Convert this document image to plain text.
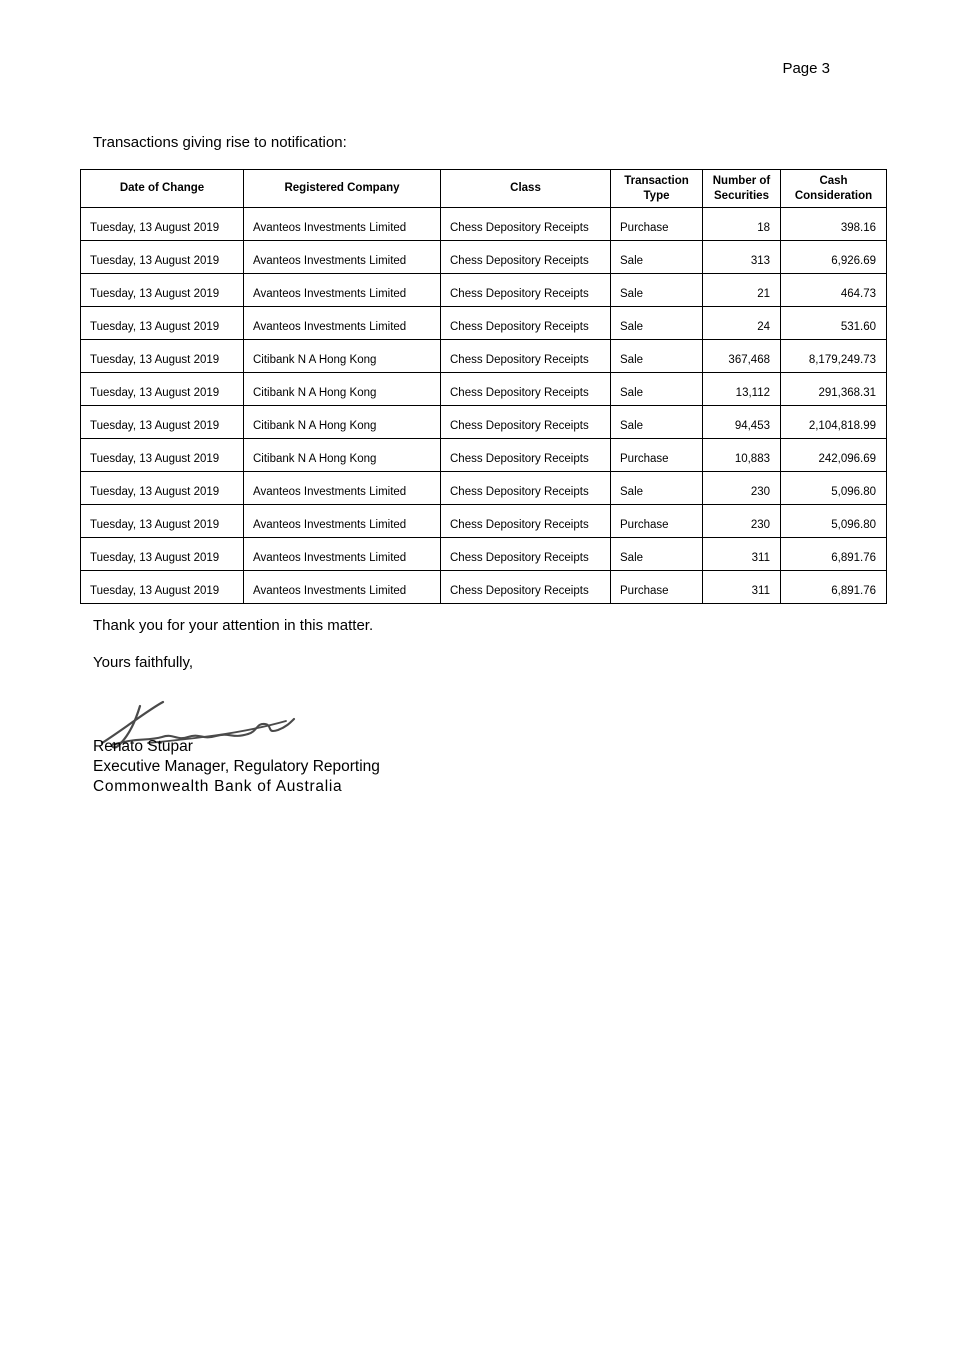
Page 3
Transactions giving rise to notification:
Date of Change	Registered Company	Class	Transaction Type	Number of Securities	Cash Consideration
Tuesday, 13 August 2019	Avanteos Investments Limited	Chess Depository Receipts	Purchase	18	398.16
Tuesday, 13 August 2019	Avanteos Investments Limited	Chess Depository Receipts	Sale	313	6,926.69
Tuesday, 13 August 2019	Avanteos Investments Limited	Chess Depository Receipts	Sale	21	464.73
Tuesday, 13 August 2019	Avanteos Investments Limited	Chess Depository Receipts	Sale	24	531.60
Tuesday, 13 August 2019	Citibank N A Hong Kong	Chess Depository Receipts	Sale	367,468	8,179,249.73
Tuesday, 13 August 2019	Citibank N A Hong Kong	Chess Depository Receipts	Sale	13,112	291,368.31
Tuesday, 13 August 2019	Citibank N A Hong Kong	Chess Depository Receipts	Sale	94,453	2,104,818.99
Tuesday, 13 August 2019	Citibank N A Hong Kong	Chess Depository Receipts	Purchase	10,883	242,096.69
Tuesday, 13 August 2019	Avanteos Investments Limited	Chess Depository Receipts	Sale	230	5,096.80
Tuesday, 13 August 2019	Avanteos Investments Limited	Chess Depository Receipts	Purchase	230	5,096.80
Tuesday, 13 August 2019	Avanteos Investments Limited	Chess Depository Receipts	Sale	311	6,891.76
Tuesday, 13 August 2019	Avanteos Investments Limited	Chess Depository Receipts	Purchase	311	6,891.76
Thank you for your attention in this matter.
Yours faithfully,
Renato Stupar
Executive Manager, Regulatory Reporting
Commonwealth Bank of Australia
